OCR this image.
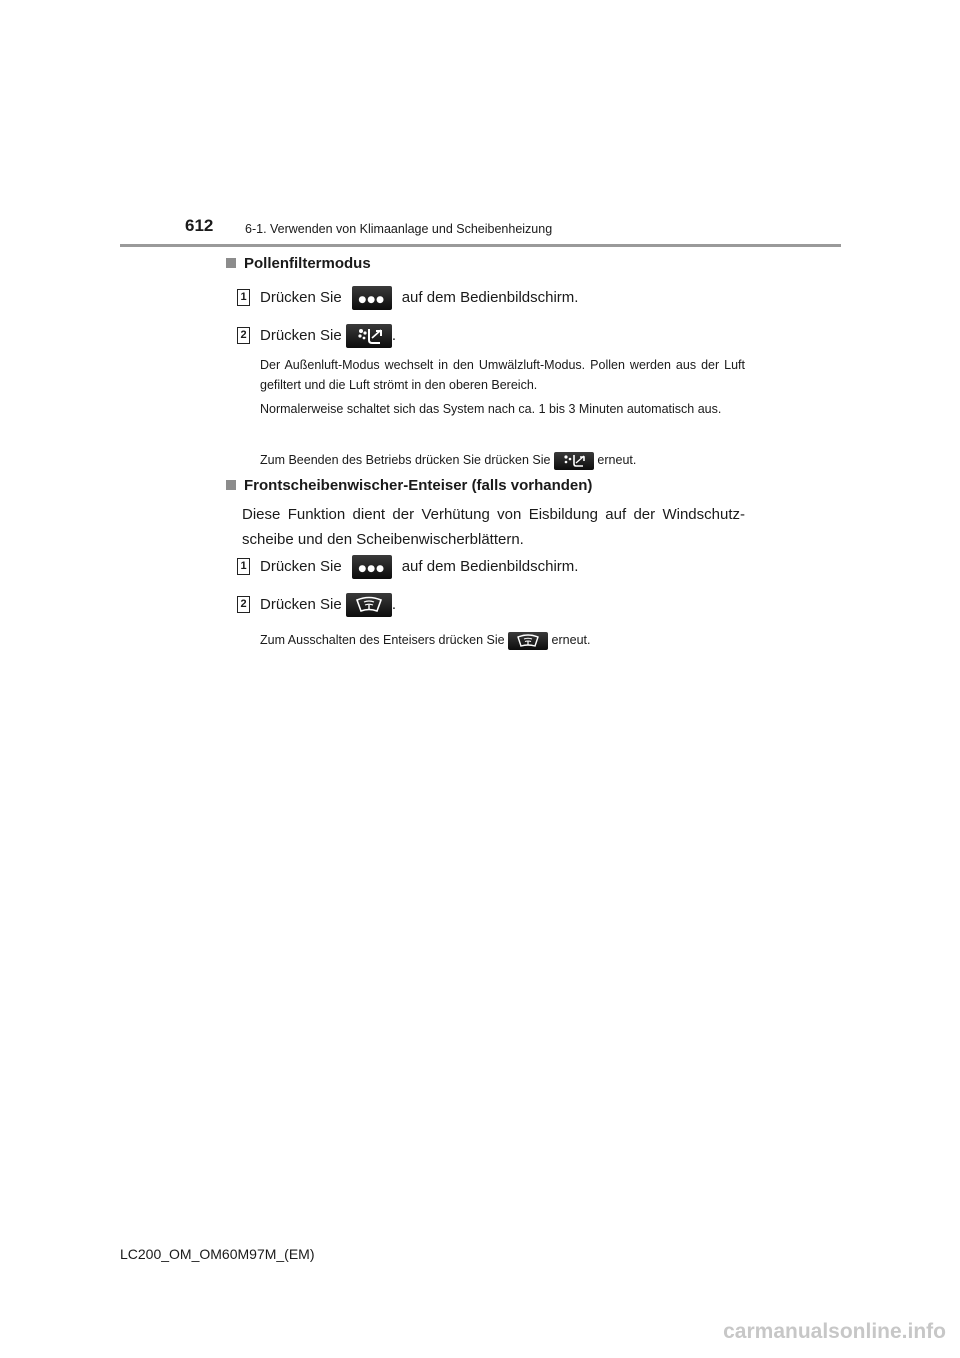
612	6-1. Verwenden von Klimaanlage und Scheibenheizung
Pollenfiltermodus
1 Drücken Sie	●●●	auf dem Bedienbildschirm.
2 Drücken Sie	.
Der Außenluft-Modus wechselt in den Umwälzluft-Modus. Pollen werden aus der Luft gefiltert und die Luft strömt in den oberen Bereich.
Normalerweise schaltet sich das System nach ca. 1 bis 3 Minuten automatisch aus.
Zum Beenden des Betriebs drücken Sie drücken Sie	erneut.
Frontscheibenwischer-Enteiser (falls vorhanden)
Diese Funktion dient der Verhütung von Eisbildung auf der Windschutz-scheibe und den Scheibenwischerblättern.
1 Drücken Sie	●●●	auf dem Bedienbildschirm.
2 Drücken Sie	.
Zum Ausschalten des Enteisers drücken Sie	erneut.
LC200_OM_OM60M97M_(EM)
carmanualsonline.info
